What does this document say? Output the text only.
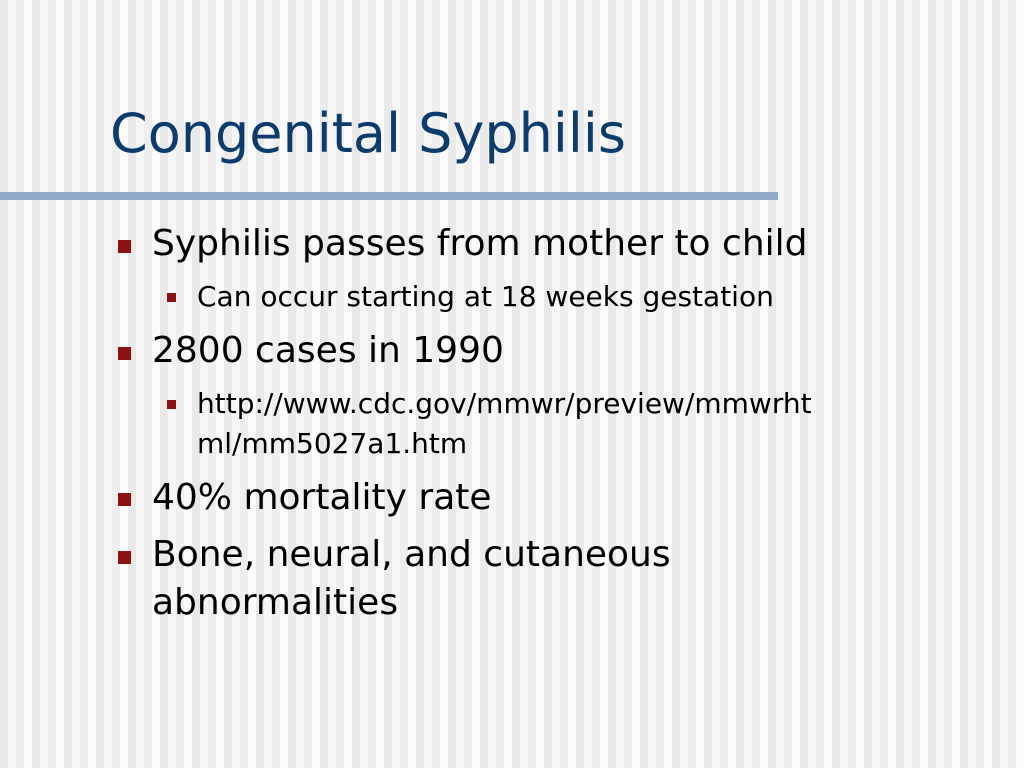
Congenital Syphilis
Syphilis passes from mother to child
Can occur starting at 18 weeks gestation
2800 cases in 1990
http://www.cdc.gov/mmwr/preview/mmwrht
ml/mm5027a1.htm
40% mortality rate
Bone, neural, and cutaneous
abnormalities
